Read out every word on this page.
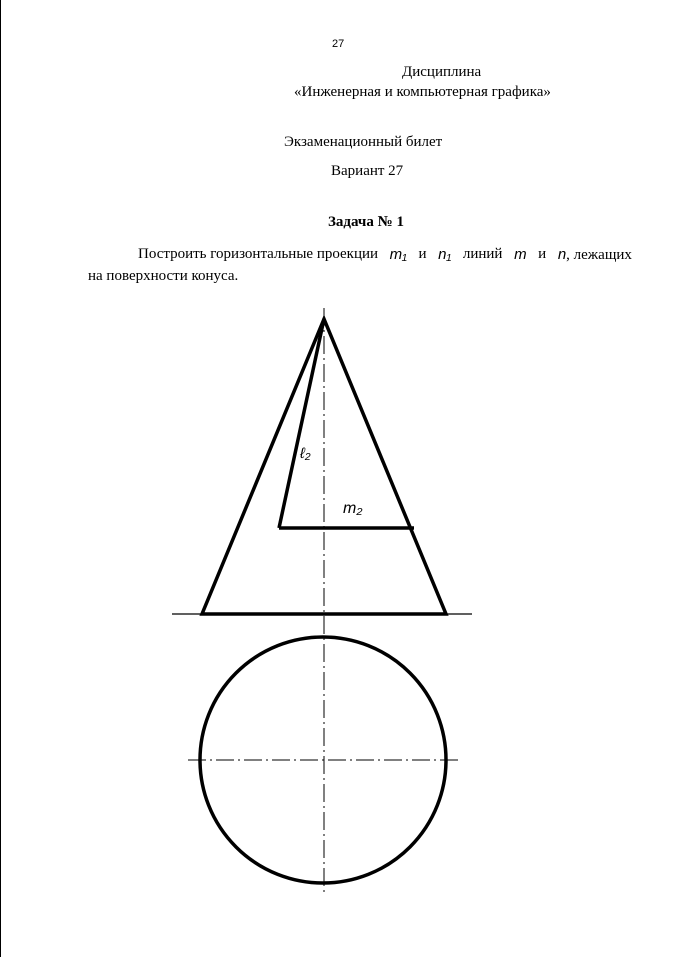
27
Дисциплина
«Инженерная и компьютерная графика»
Экзаменационный билет
Вариант 27
Задача № 1
Построить горизонтальные проекции m₁ и n₁ линий m и n, лежащих
на поверхности конуса.
ℓ₂
m₂
